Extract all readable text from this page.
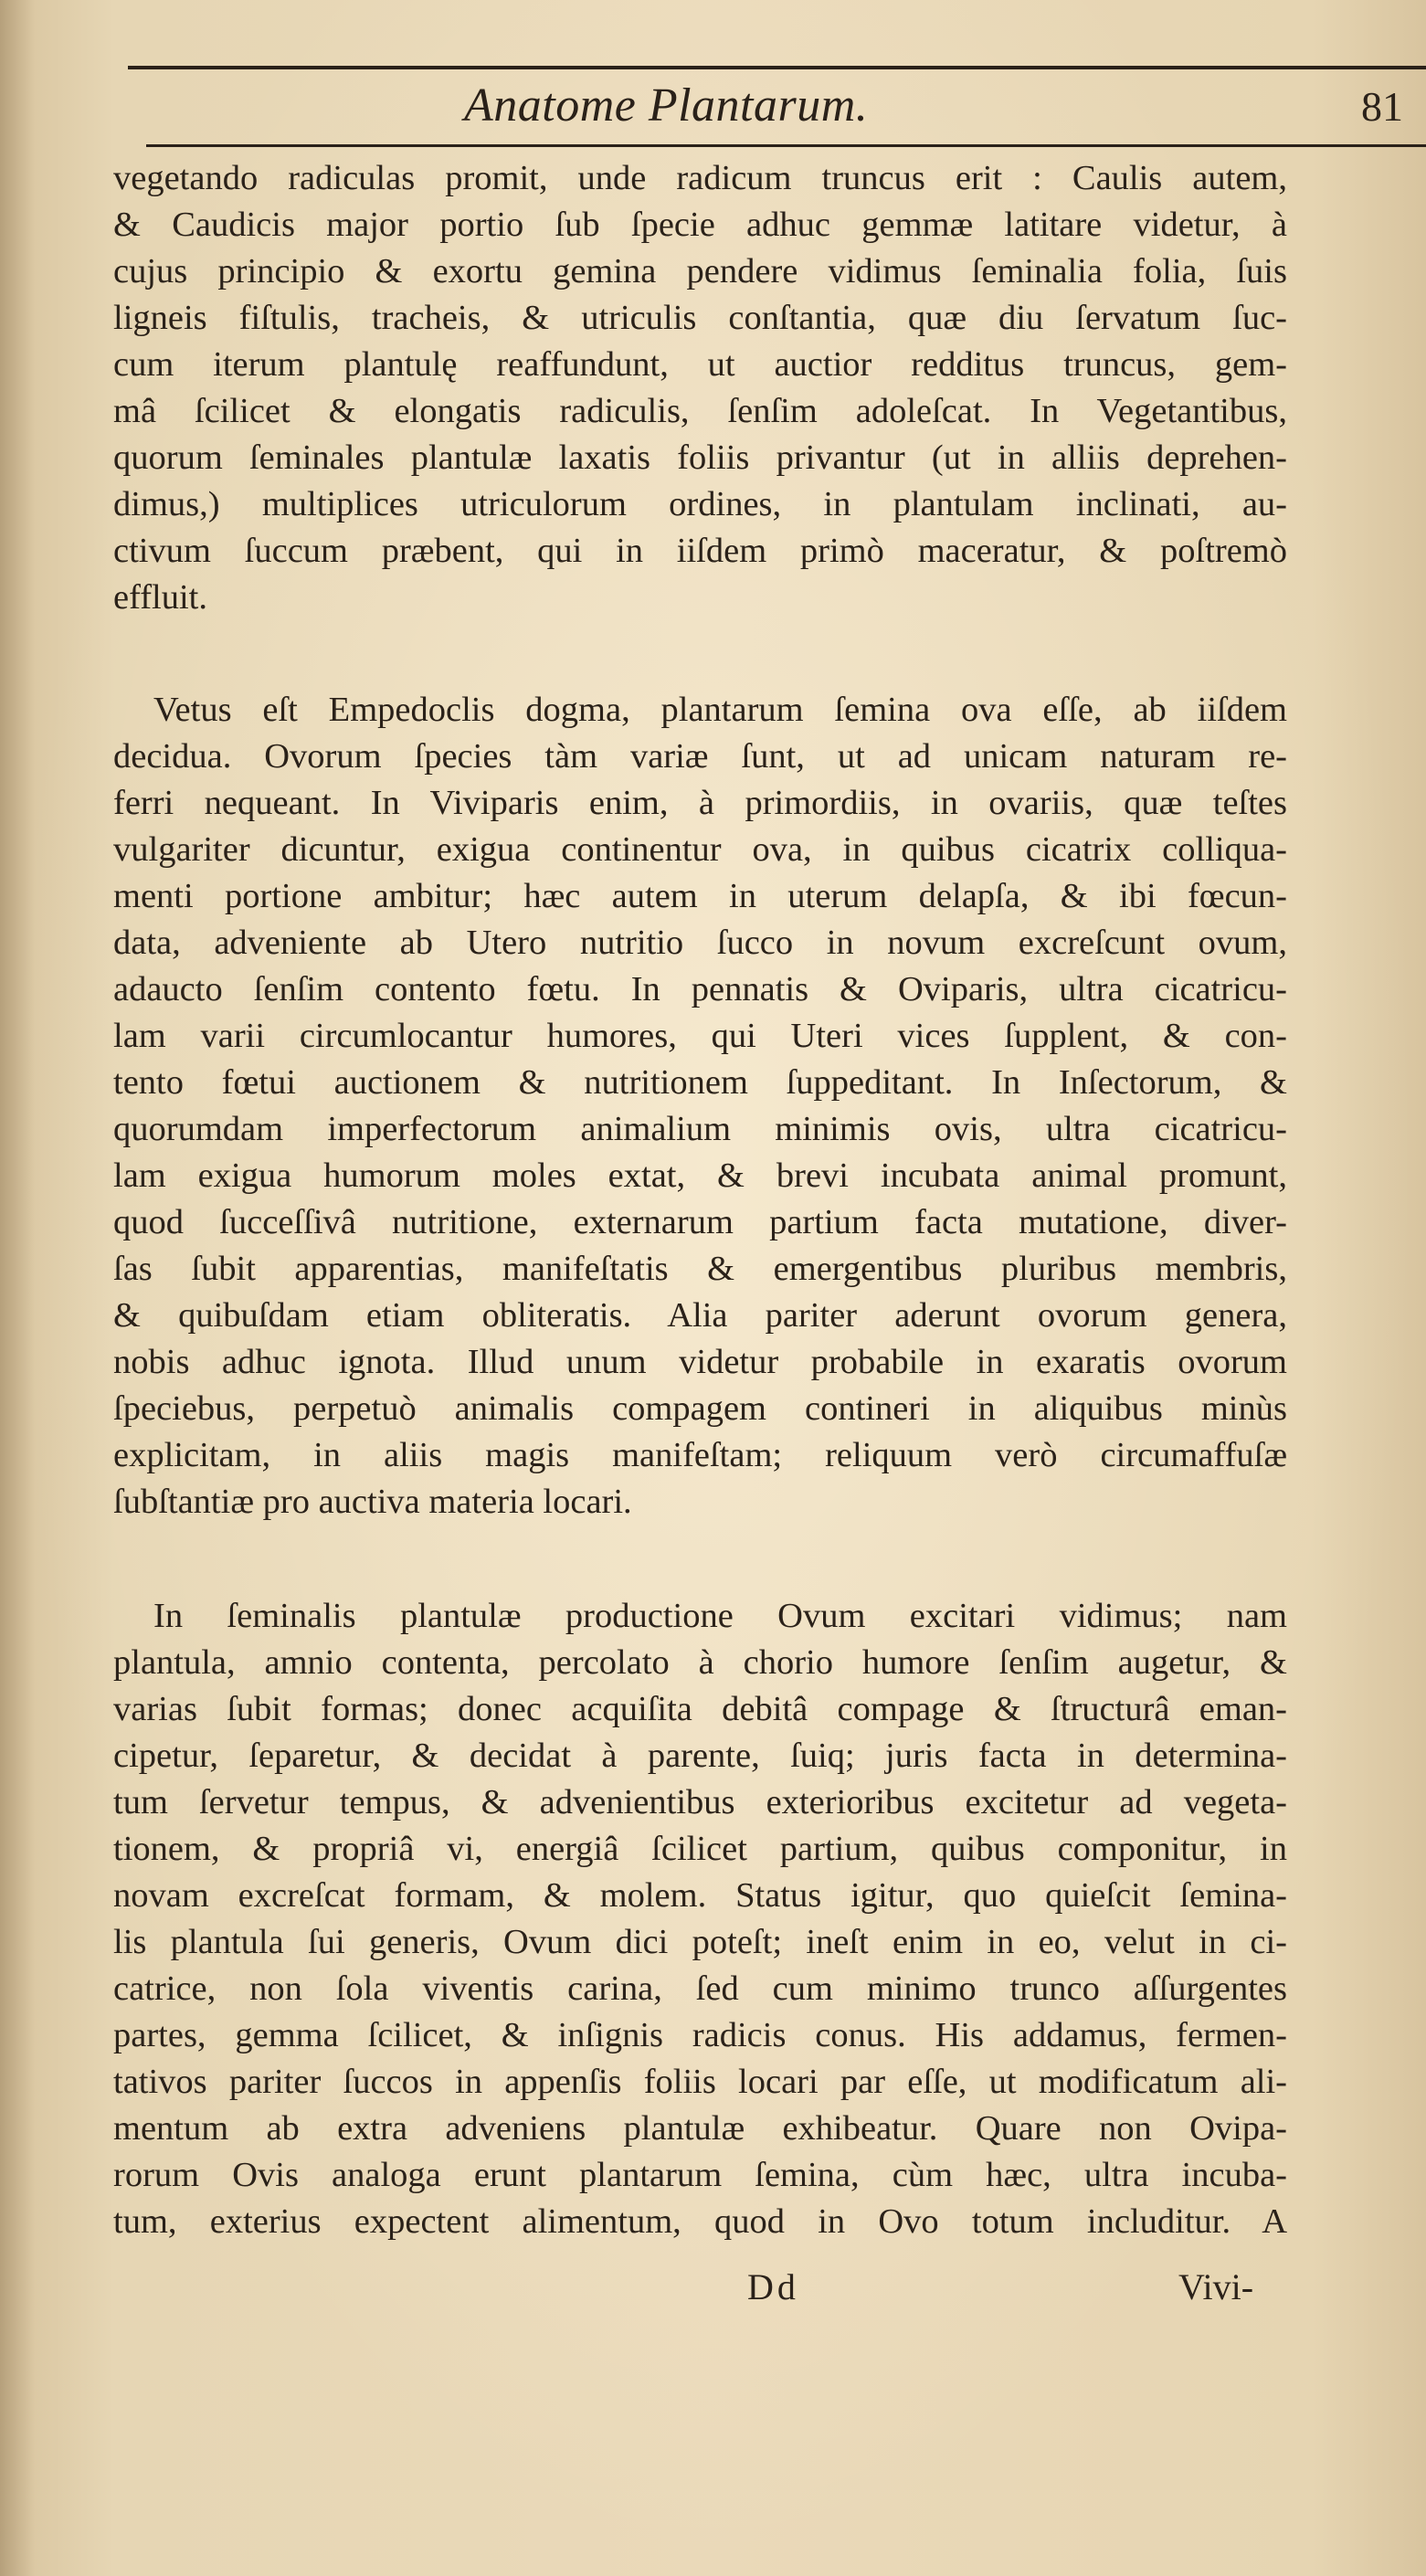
Anatome Plantarum.	81
vegetando radiculas promit, unde radicum truncus erit : Caulis autem,
& Caudicis major portio ſub ſpecie adhuc gemmæ latitare videtur, à
cujus principio & exortu gemina pendere vidimus ſeminalia folia, ſuis
ligneis fiſtulis, tracheis, & utriculis conſtantia, quæ diu ſervatum ſuc-
cum iterum plantulę reaffundunt, ut auctior redditus truncus, gem-
mâ ſcilicet & elongatis radiculis, ſenſim adoleſcat. In Vegetantibus,
quorum ſeminales plantulæ laxatis foliis privantur (ut in alliis deprehen-
dimus,) multiplices utriculorum ordines, in plantulam inclinati, au-
ctivum ſuccum præbent, qui in iiſdem primò maceratur, & poſtremò
effluit.
Vetus eſt Empedoclis dogma, plantarum ſemina ova eſſe, ab iiſdem
decidua. Ovorum ſpecies tàm variæ ſunt, ut ad unicam naturam re-
ferri nequeant. In Viviparis enim, à primordiis, in ovariis, quæ teſtes
vulgariter dicuntur, exigua continentur ova, in quibus cicatrix colliqua-
menti portione ambitur; hæc autem in uterum delapſa, & ibi fœcun-
data, adveniente ab Utero nutritio ſucco in novum excreſcunt ovum,
adaucto ſenſim contento fœtu. In pennatis & Oviparis, ultra cicatricu-
lam varii circumlocantur humores, qui Uteri vices ſupplent, & con-
tento fœtui auctionem & nutritionem ſuppeditant. In Inſectorum, &
quorumdam imperfectorum animalium minimis ovis, ultra cicatricu-
lam exigua humorum moles extat, & brevi incubata animal promunt,
quod ſucceſſivâ nutritione, externarum partium facta mutatione, diver-
ſas ſubit apparentias, manifeſtatis & emergentibus pluribus membris,
& quibuſdam etiam obliteratis. Alia pariter aderunt ovorum genera,
nobis adhuc ignota. Illud unum videtur probabile in exaratis ovorum
ſpeciebus, perpetuò animalis compagem contineri in aliquibus minùs
explicitam, in aliis magis manifeſtam; reliquum verò circumaffuſæ
ſubſtantiæ pro auctiva materia locari.
In ſeminalis plantulæ productione Ovum excitari vidimus; nam
plantula, amnio contenta, percolato à chorio humore ſenſim augetur, &
varias ſubit formas; donec acquiſita debitâ compage & ſtructurâ eman-
cipetur, ſeparetur, & decidat à parente, ſuiq; juris facta in determina-
tum ſervetur tempus, & advenientibus exterioribus excitetur ad vegeta-
tionem, & propriâ vi, energiâ ſcilicet partium, quibus componitur, in
novam excreſcat formam, & molem. Status igitur, quo quieſcit ſemina-
lis plantula ſui generis, Ovum dici poteſt; ineſt enim in eo, velut in ci-
catrice, non ſola viventis carina, ſed cum minimo trunco aſſurgentes
partes, gemma ſcilicet, & inſignis radicis conus. His addamus, fermen-
tativos pariter ſuccos in appenſis foliis locari par eſſe, ut modificatum ali-
mentum ab extra adveniens plantulæ exhibeatur. Quare non Ovipa-
rorum Ovis analoga erunt plantarum ſemina, cùm hæc, ultra incuba-
tum, exterius expectent alimentum, quod in Ovo totum includitur. A
Dd	Vivi-
